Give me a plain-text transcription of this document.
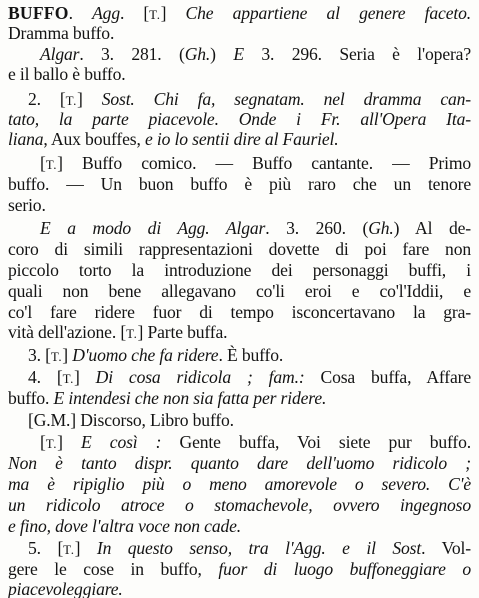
BUFFO. Agg. [T.] Che appartiene al genere faceto.
Dramma buffo.
Algar. 3. 281. (Gh.) E 3. 296. Seria è l'opera?
e il ballo è buffo.
2. [T.] Sost. Chi fa, segnatam. nel dramma can-
tato, la parte piacevole. Onde i Fr. all'Opera Ita-
liana, Aux bouffes, e io lo sentii dire al Fauriel.
[T.] Buffo comico. — Buffo cantante. — Primo
buffo. — Un buon buffo è più raro che un tenore
serio.
E a modo di Agg. Algar. 3. 260. (Gh.) Al de-
coro di simili rappresentazioni dovette di poi fare non
piccolo torto la introduzione dei personaggi buffi, i
quali non bene allegavano co'li eroi e co'l'Iddii, e
co'l fare ridere fuor di tempo isconcertavano la gra-
vità dell'azione. [T.] Parte buffa.
3. [T.] D'uomo che fa ridere. È buffo.
4. [T.] Di cosa ridicola ; fam.: Cosa buffa, Affare
buffo. E intendesi che non sia fatta per ridere.
[G.M.] Discorso, Libro buffo.
[T.] E così : Gente buffa, Voi siete pur buffo.
Non è tanto dispr. quanto dare dell'uomo ridicolo ;
ma è ripiglio più o meno amorevole o severo. C'è
un ridicolo atroce o stomachevole, ovvero ingegnoso
e fino, dove l'altra voce non cade.
5. [T.] In questo senso, tra l'Agg. e il Sost. Vol-
gere le cose in buffo, fuor di luogo buffoneggiare o
piacevoleggiare.
